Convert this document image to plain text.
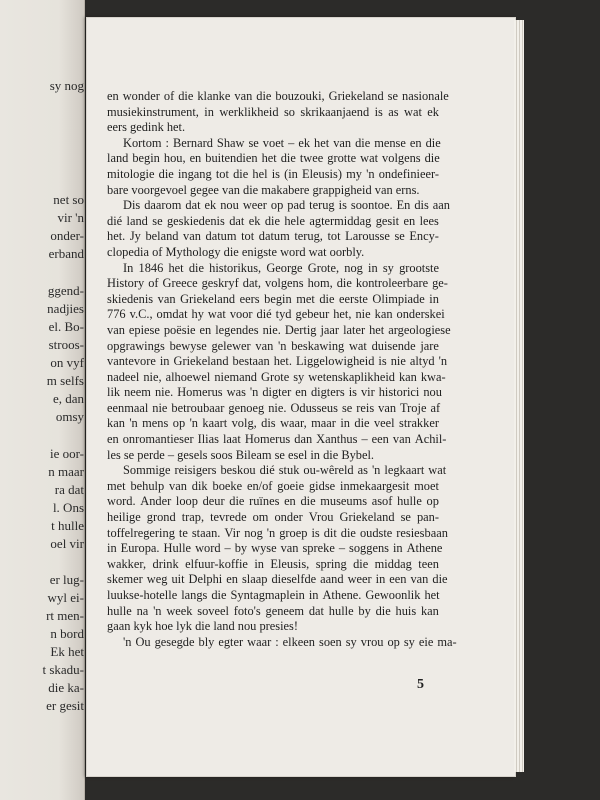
sy nog
net so
vir 'n
onder-
erband
ggend-
nadjies
el. Bo-
stroos-
on vyf
m selfs
e, dan
omsy
ie oor-
n maar
ra dat
l. Ons
t hulle
oel vir
er lug-
wyl ei-
rt men-
n bord
Ek het
t skadu-
die ka-
er gesit
en wonder of die klanke van die bouzouki, Griekeland se nasionale
musiekinstrument, in werklikheid so skrikaanjaend is as wat ek
eers gedink het.
Kortom : Bernard Shaw se voet – ek het van die mense en die
land begin hou, en buitendien het die twee grotte wat volgens die
mitologie die ingang tot die hel is (in Eleusis) my 'n ondefinieer-
bare voorgevoel gegee van die makabere grappigheid van erns.
Dis daarom dat ek nou weer op pad terug is soontoe. En dis aan
dié land se geskiedenis dat ek die hele agtermiddag gesit en lees
het. Jy beland van datum tot datum terug, tot Larousse se Ency-
clopedia of Mythology die enigste word wat oorbly.
In 1846 het die historikus, George Grote, nog in sy grootste
History of Greece geskryf dat, volgens hom, die kontroleerbare ge-
skiedenis van Griekeland eers begin met die eerste Olimpiade in
776 v.C., omdat hy wat voor dié tyd gebeur het, nie kan onderskei
van epiese poësie en legendes nie. Dertig jaar later het argeologiese
opgrawings bewyse gelewer van 'n beskawing wat duisende jare
vantevore in Griekeland bestaan het. Liggelowigheid is nie altyd 'n
nadeel nie, alhoewel niemand Grote sy wetenskaplikheid kan kwa-
lik neem nie. Homerus was 'n digter en digters is vir historici nou
eenmaal nie betroubaar genoeg nie. Odusseus se reis van Troje af
kan 'n mens op 'n kaart volg, dis waar, maar in die veel strakker
en onromantieser Ilias laat Homerus dan Xanthus – een van Achil-
les se perde – gesels soos Bileam se esel in die Bybel.
Sommige reisigers beskou dié stuk ou-wêreld as 'n legkaart wat
met behulp van dik boeke en/of goeie gidse inmekaargesit moet
word. Ander loop deur die ruïnes en die museums asof hulle op
heilige grond trap, tevrede om onder Vrou Griekeland se pan-
toffelregering te staan. Vir nog 'n groep is dit die oudste resiesbaan
in Europa. Hulle word – by wyse van spreke – soggens in Athene
wakker, drink elfuur-koffie in Eleusis, spring die middag teen
skemer weg uit Delphi en slaap dieselfde aand weer in een van die
luukse-hotelle langs die Syntagmaplein in Athene. Gewoonlik het
hulle na 'n week soveel foto's geneem dat hulle by die huis kan
gaan kyk hoe lyk die land nou presies!
'n Ou gesegde bly egter waar : elkeen soen sy vrou op sy eie ma-
5
